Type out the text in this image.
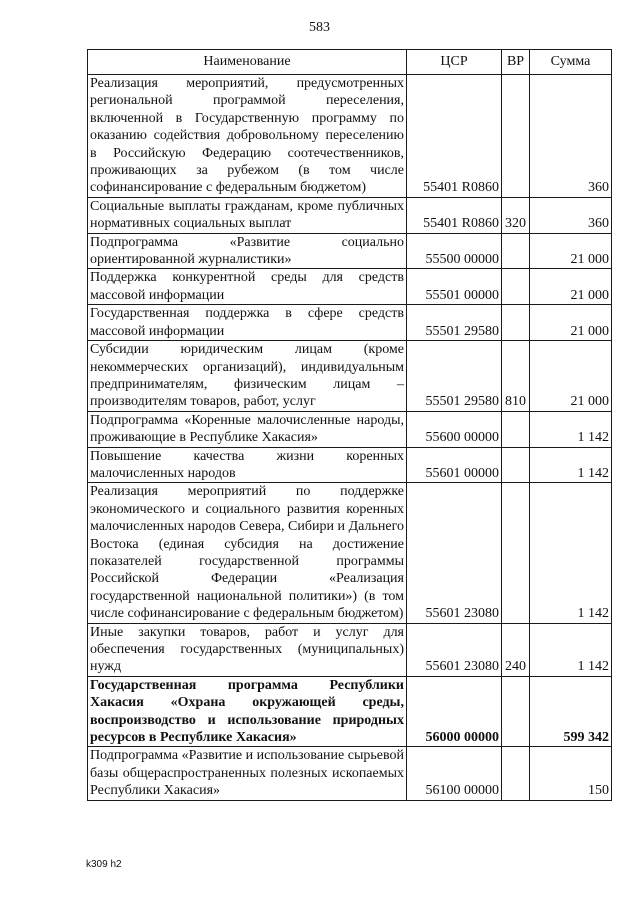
583
Наименование	ЦСР	ВР	Сумма
Реализация мероприятий, предусмотренных региональной программой переселения, включенной в Государственную программу по оказанию содействия добровольному переселению в Российскую Федерацию соотечественников, проживающих за рубежом (в том числе софинансирование с федеральным бюджетом)	55401 R0860		360
Социальные выплаты гражданам, кроме публичных нормативных социальных выплат	55401 R0860	320	360
Подпрограмма «Развитие социально ориентированной журналистики»	55500 00000		21 000
Поддержка конкурентной среды для средств массовой информации	55501 00000		21 000
Государственная поддержка в сфере средств массовой информации	55501 29580		21 000
Субсидии юридическим лицам (кроме некоммерческих организаций), индивидуальным предпринимателям, физическим лицам – производителям товаров, работ, услуг	55501 29580	810	21 000
Подпрограмма «Коренные малочисленные народы, проживающие в Республике Хакасия»	55600 00000		1 142
Повышение качества жизни коренных малочисленных народов	55601 00000		1 142
Реализация мероприятий по поддержке экономического и социального развития коренных малочисленных народов Севера, Сибири и Дальнего Востока (единая субсидия на достижение показателей государственной программы Российской Федерации «Реализация государственной национальной политики») (в том числе софинансирование с федеральным бюджетом)	55601 23080		1 142
Иные закупки товаров, работ и услуг для обеспечения государственных (муниципальных) нужд	55601 23080	240	1 142
Государственная программа Республики Хакасия «Охрана окружающей среды, воспроизводство и использование природных ресурсов в Республике Хакасия»	56000 00000		599 342
Подпрограмма «Развитие и использование сырьевой базы общераспространенных полезных ископаемых Республики Хакасия»	56100 00000		150
k309 h2
